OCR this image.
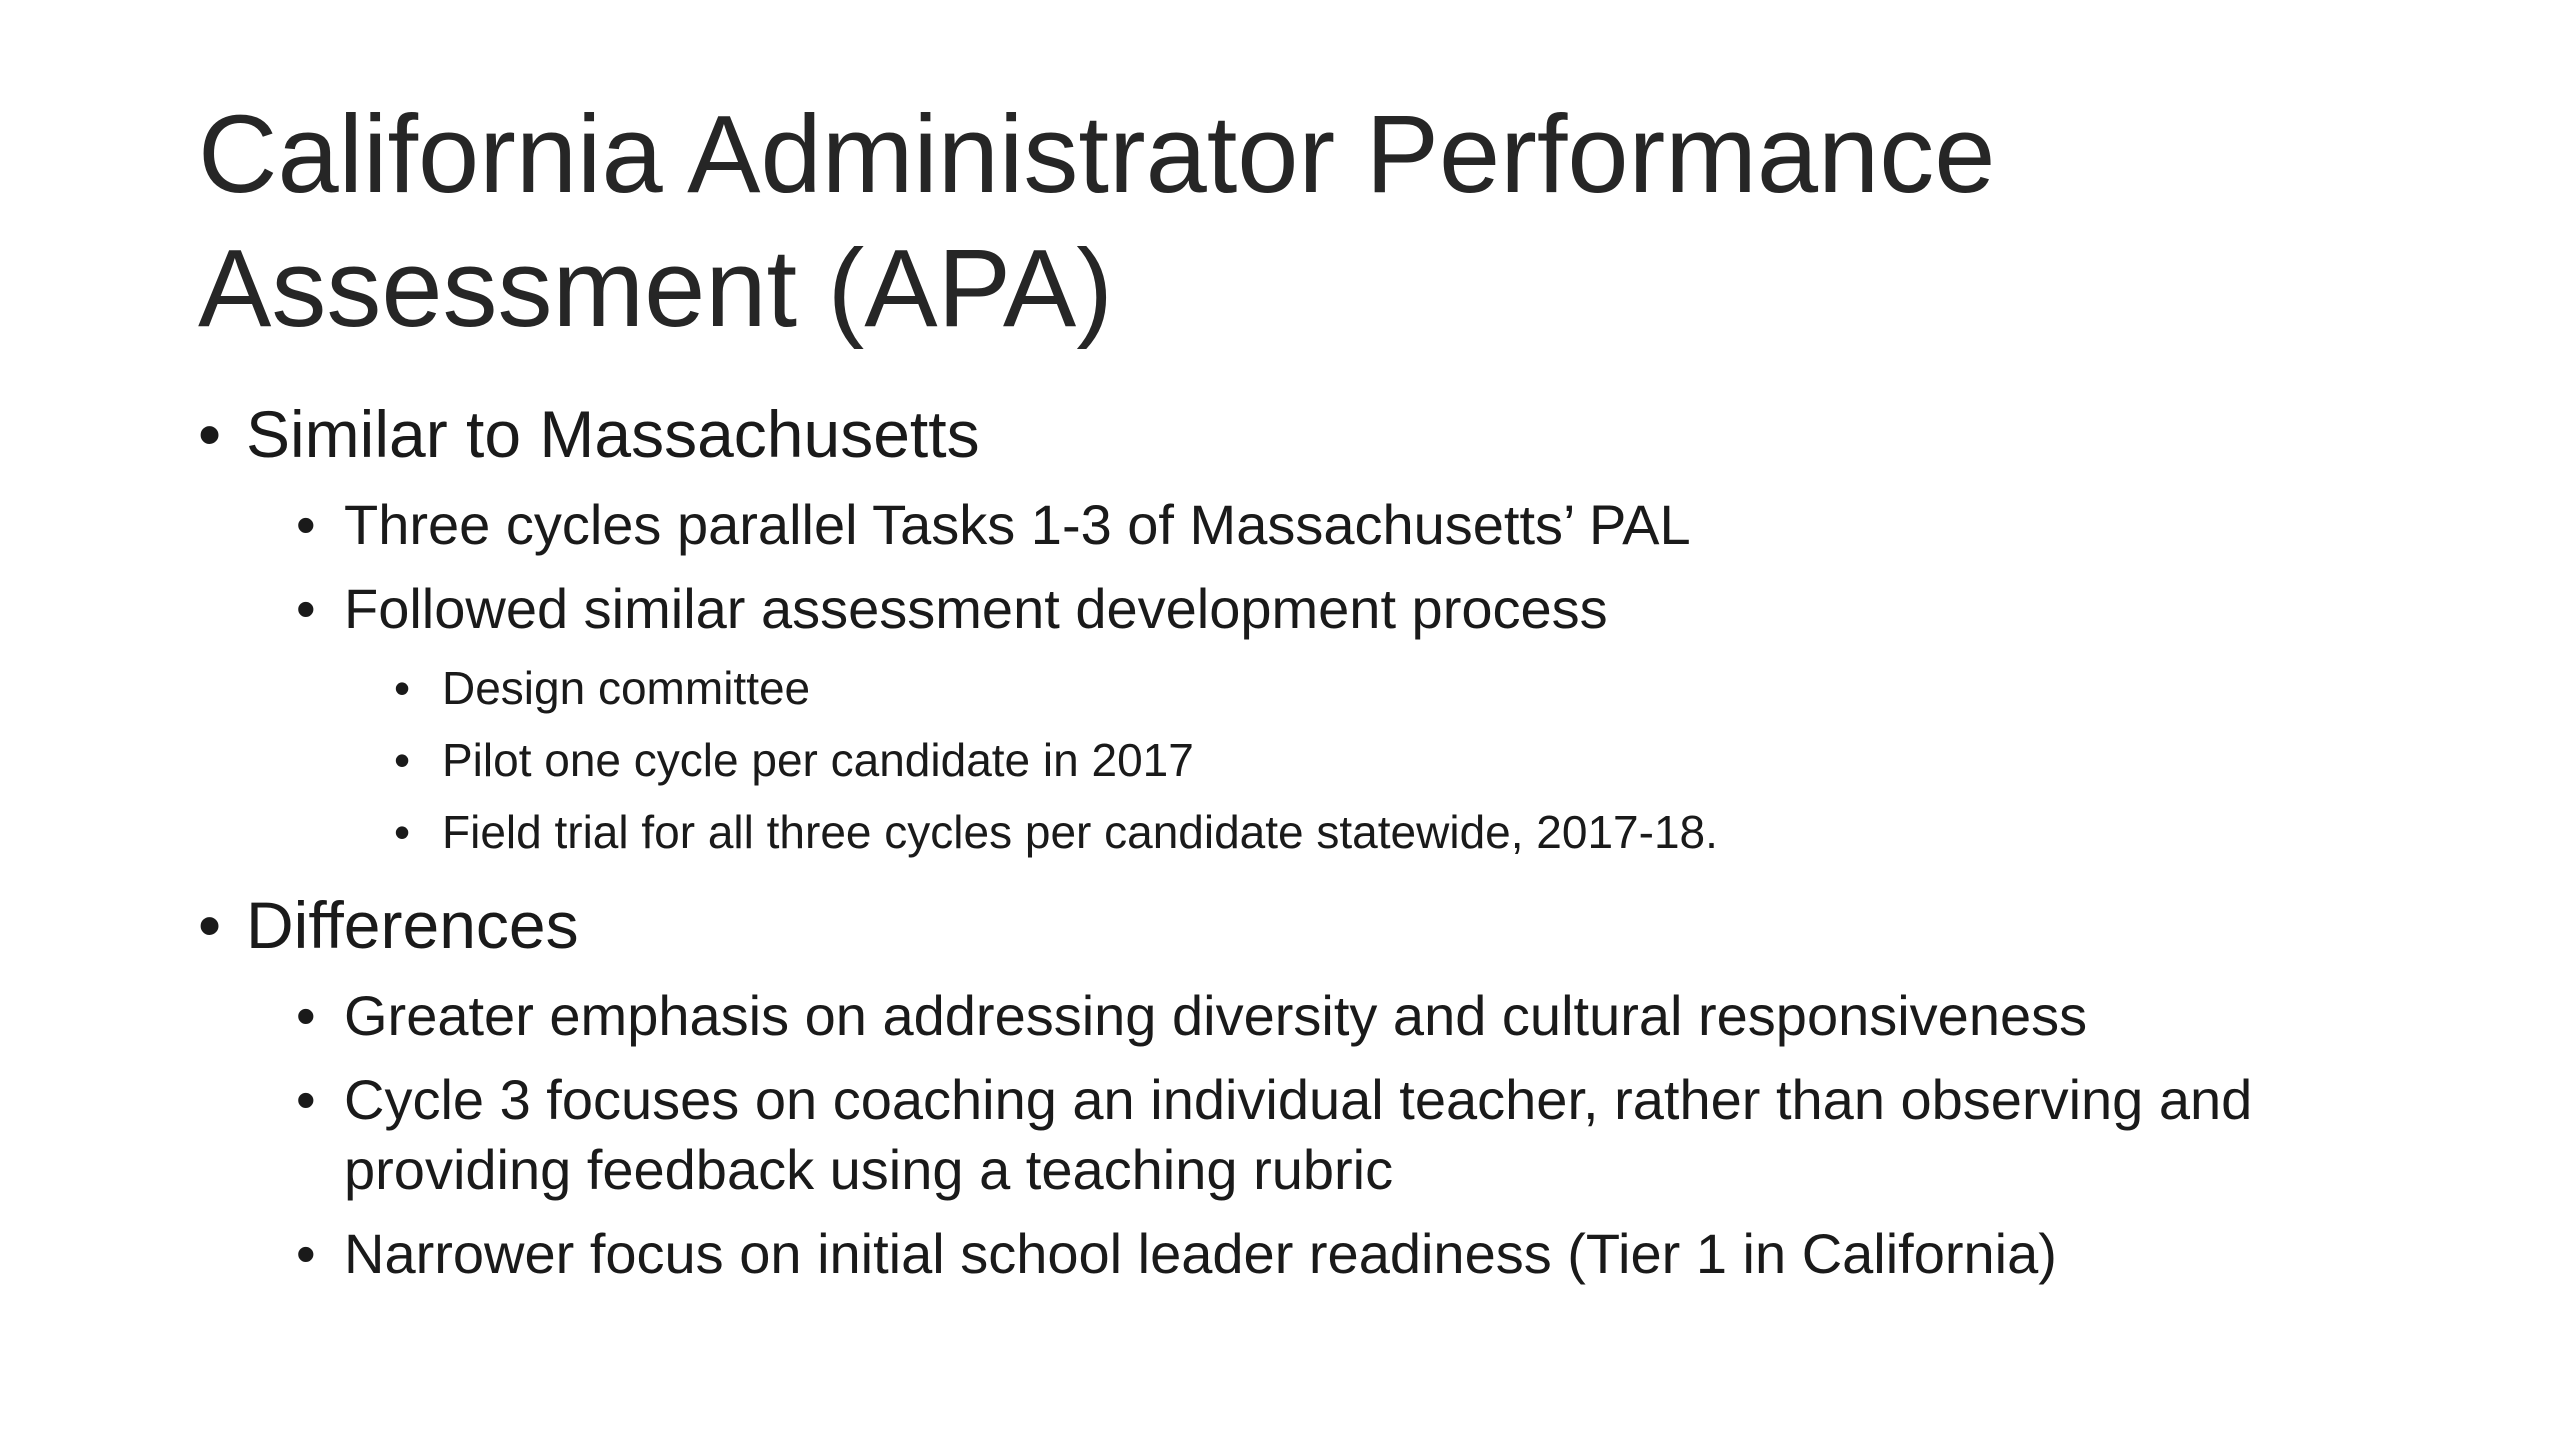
California Administrator Performance
Assessment (APA)
• Similar to Massachusetts
• Three cycles parallel Tasks 1-3 of Massachusetts’ PAL
• Followed similar assessment development process
• Design committee
• Pilot one cycle per candidate in 2017
• Field trial for all three cycles per candidate statewide, 2017-18.
• Differences
• Greater emphasis on addressing diversity and cultural responsiveness
• Cycle 3 focuses on coaching an individual teacher, rather than observing and
providing feedback using a teaching rubric
• Narrower focus on initial school leader readiness (Tier 1 in California)
